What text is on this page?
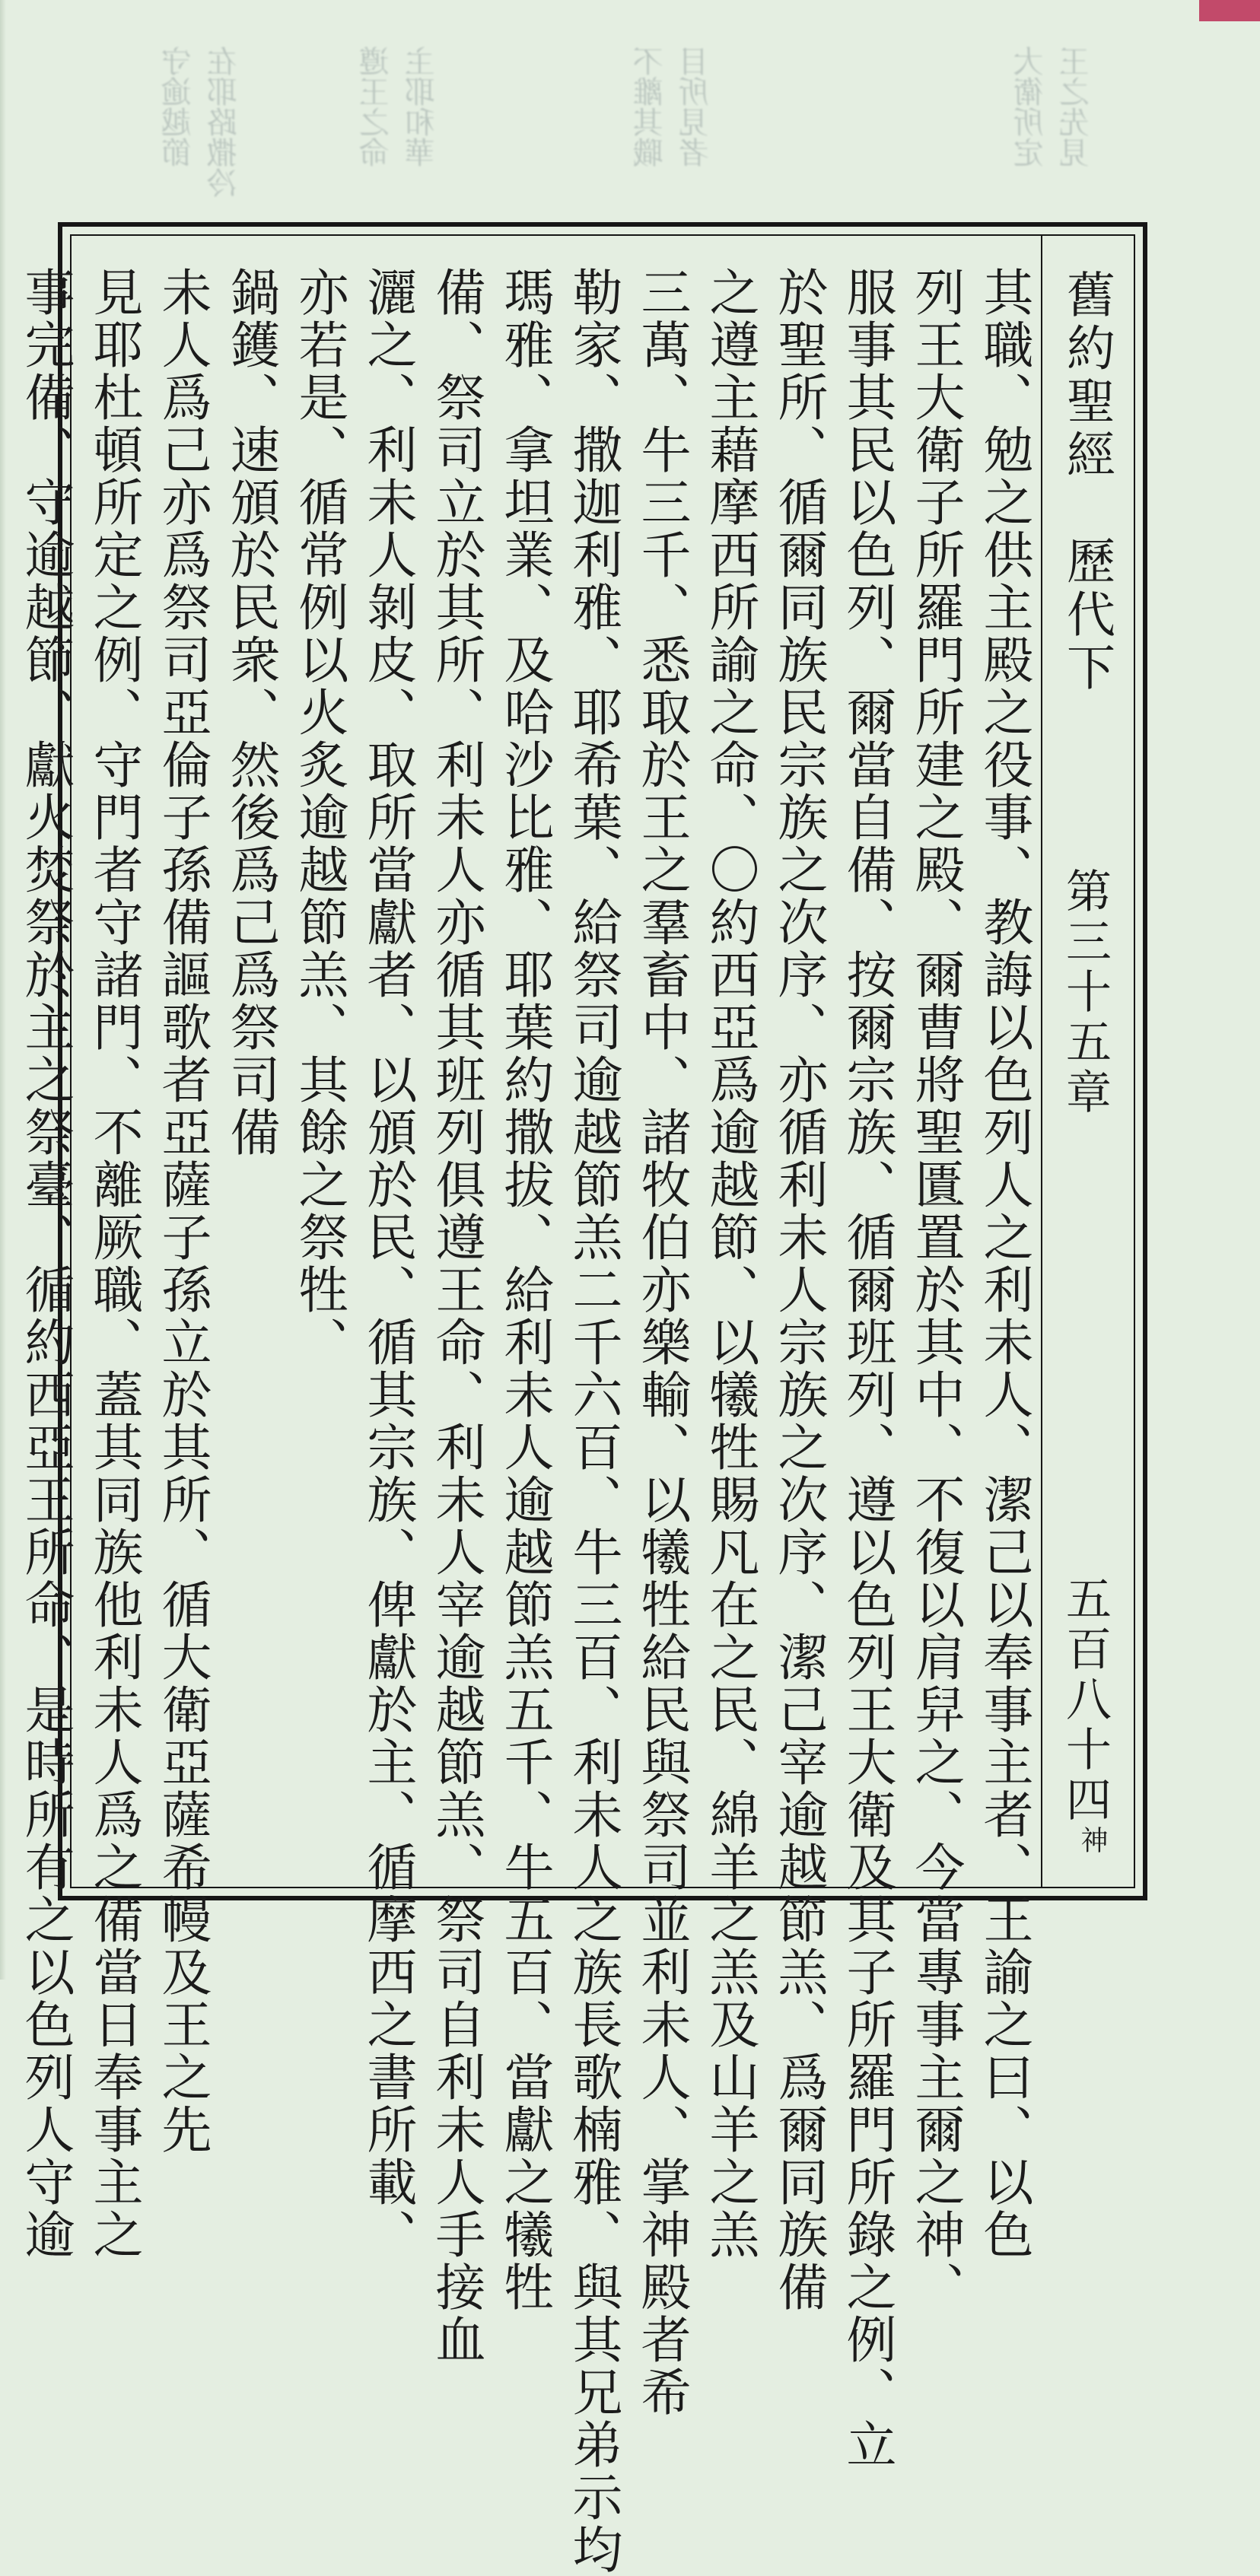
守逾越節 在耶路撒冷	遵王之命 主耶和華	不離其職 目所見者	大衛所定 王之先見
舊約聖經　歷代下
第三十五章
五百八十四
神
其職、勉之供主殿之役事、教誨以色列人之利未人、潔己以奉事主者、王諭之曰、以色
列王大衛子所羅門所建之殿、爾曹將聖匱置於其中、不復以肩舁之、今當專事主爾之神、
服事其民以色列、爾當自備、按爾宗族、循爾班列、遵以色列王大衛及其子所羅門所錄之例、立
於聖所、循爾同族民宗族之次序、亦循利未人宗族之次序、潔己宰逾越節羔、爲爾同族備
之遵主藉摩西所諭之命、〇約西亞爲逾越節、以犧牲賜凡在之民、綿羊之羔及山羊之羔
三萬、牛三千、悉取於王之羣畜中、諸牧伯亦樂輸、以犧牲給民與祭司並利未人、掌神殿者希
勒家、撒迦利雅、耶希葉、給祭司逾越節羔二千六百、牛三百、利未人之族長歌楠雅、與其兄弟示均
瑪雅、拿坦業、及哈沙比雅、耶葉約撒拔、給利未人逾越節羔五千、牛五百、當獻之犧牲
備、祭司立於其所、利未人亦循其班列俱遵王命、利未人宰逾越節羔、祭司自利未人手接血
灑之、利未人剝皮、取所當獻者、以頒於民、循其宗族、俾獻於主、循摩西之書所載、
亦若是、循常例以火炙逾越節羔、其餘之祭牲、
鍋鑊、速頒於民衆、然後爲己爲祭司備
未人爲己亦爲祭司亞倫子孫備謳歌者亞薩子孫立於其所、循大衛亞薩希幔及王之先
見耶杜頓所定之例、守門者守諸門、不離厥職、蓋其同族他利未人爲之備當日奉事主之
事完備、守逾越節、獻火焚祭於主之祭臺、循約西亞王所命、是時所有之以色列人守逾
